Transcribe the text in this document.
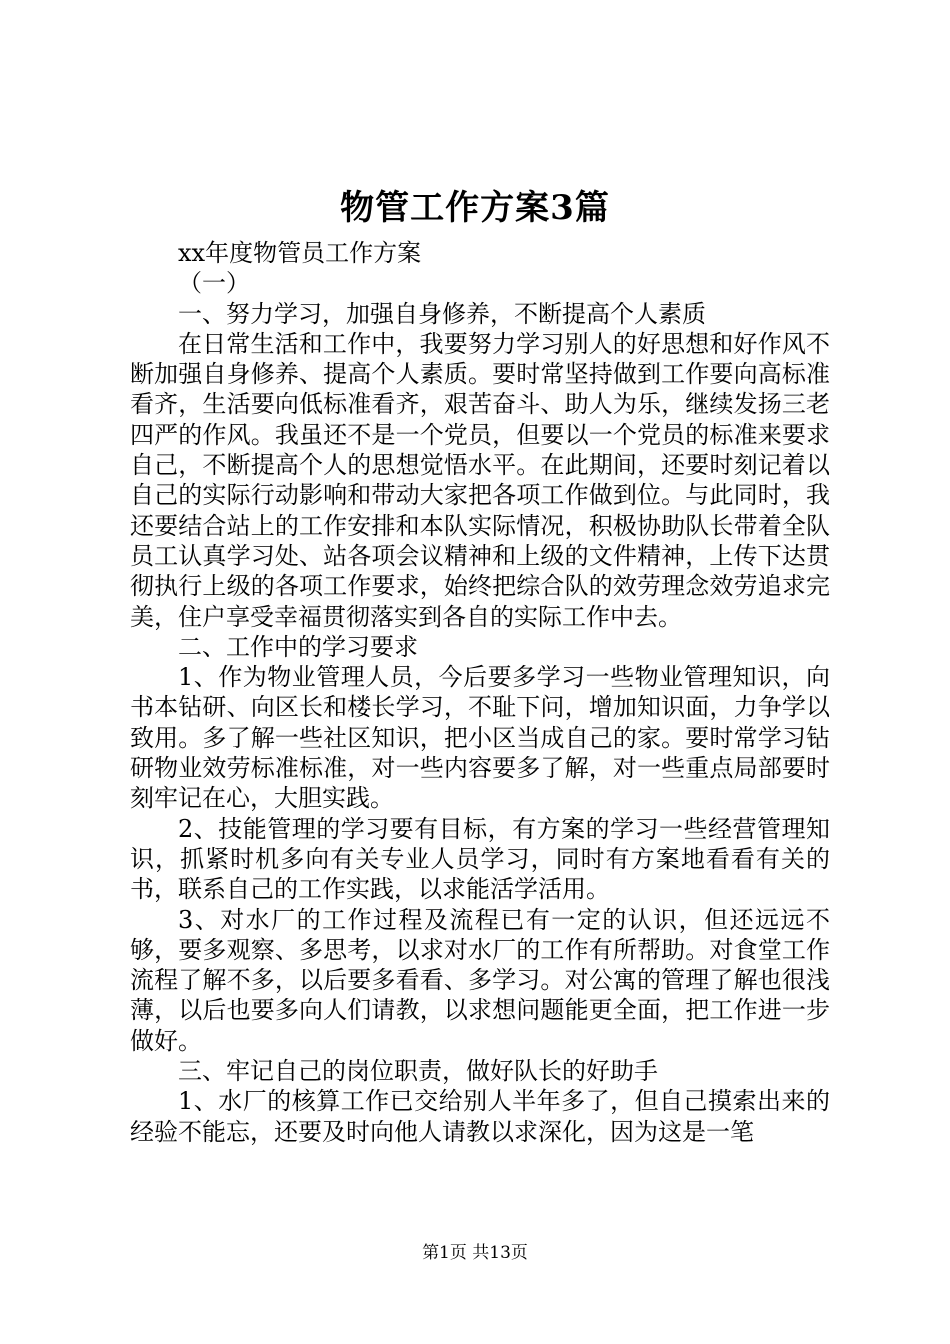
物管工作方案3篇

xx年度物管员工作方案

（一）

一、努力学习，加强自身修养，不断提高个人素质

在日常生活和工作中，我要努力学习别人的好思想和好作风不断加强自身修养、提高个人素质。要时常坚持做到工作要向高标准看齐，生活要向低标准看齐，艰苦奋斗、助人为乐，继续发扬三老四严的作风。我虽还不是一个党员，但要以一个党员的标准来要求自己，不断提高个人的思想觉悟水平。在此期间，还要时刻记着以自己的实际行动影响和带动大家把各项工作做到位。与此同时，我还要结合站上的工作安排和本队实际情况，积极协助队长带着全队员工认真学习处、站各项会议精神和上级的文件精神，上传下达贯彻执行上级的各项工作要求，始终把综合队的效劳理念效劳追求完美，住户享受幸福贯彻落实到各自的实际工作中去。

二、工作中的学习要求

1、作为物业管理人员，今后要多学习一些物业管理知识，向书本钻研、向区长和楼长学习，不耻下问，增加知识面，力争学以致用。多了解一些社区知识，把小区当成自己的家。要时常学习钻研物业效劳标准标准，对一些内容要多了解，对一些重点局部要时刻牢记在心，大胆实践。

2、技能管理的学习要有目标，有方案的学习一些经营管理知识，抓紧时机多向有关专业人员学习，同时有方案地看看有关的书，联系自己的工作实践，以求能活学活用。

3、对水厂的工作过程及流程已有一定的认识，但还远远不够，要多观察、多思考，以求对水厂的工作有所帮助。对食堂工作流程了解不多，以后要多看看、多学习。对公寓的管理了解也很浅薄，以后也要多向人们请教，以求想问题能更全面，把工作进一步做好。

三、牢记自己的岗位职责，做好队长的好助手

1、水厂的核算工作已交给别人半年多了，但自己摸索出来的经验不能忘，还要及时向他人请教以求深化，因为这是一笔

第1页 共13页
